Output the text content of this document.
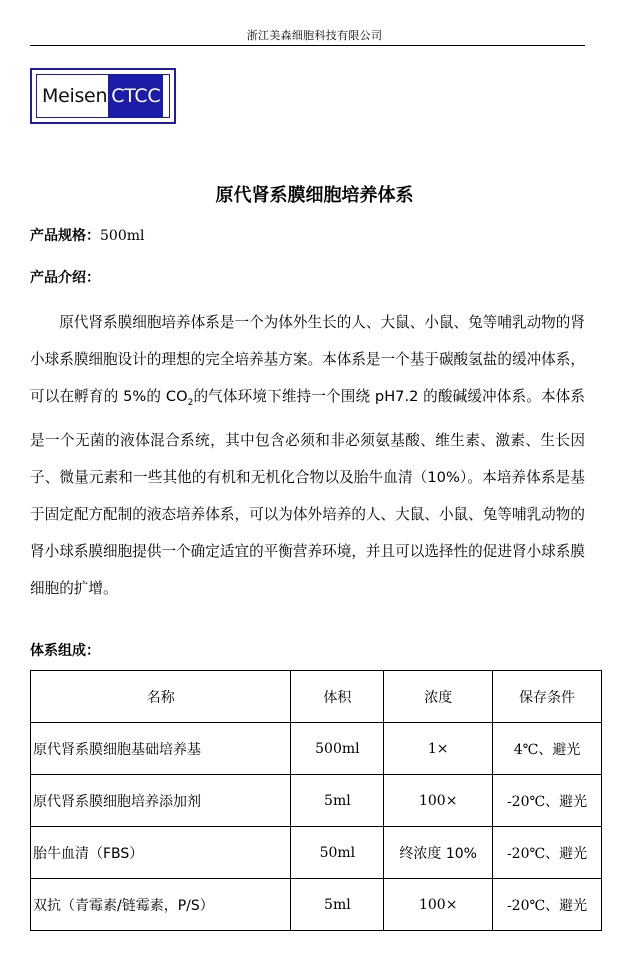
浙江美森细胞科技有限公司
Meisen CTCC
原代肾系膜细胞培养体系
产品规格：500ml
产品介绍：
原代肾系膜细胞培养体系是一个为体外生长的人、大鼠、小鼠、兔等哺乳动物的肾小球系膜细胞设计的理想的完全培养基方案。本体系是一个基于碳酸氢盐的缓冲体系，可以在孵育的 5%的 $CO_2$的气体环境下维持一个围绕 pH7.2 的酸碱缓冲体系。本体系是一个无菌的液体混合系统，其中包含必须和非必须氨基酸、维生素、激素、生长因子、微量元素和一些其他的有机和无机化合物以及胎牛血清（10%）。本培养体系是基于固定配方配制的液态培养体系，可以为体外培养的人、大鼠、小鼠、兔等哺乳动物的肾小球系膜细胞提供一个确定适宜的平衡营养环境，并且可以选择性的促进肾小球系膜细胞的扩增。
体系组成：
名称	体积	浓度	保存条件
原代肾系膜细胞基础培养基	500ml	1×	4℃、避光
原代肾系膜细胞培养添加剂	5ml	100×	-20℃、避光
胎牛血清（FBS）	50ml	终浓度 10%	-20℃、避光
双抗（青霉素/链霉素，P/S）	5ml	100×	-20℃、避光
